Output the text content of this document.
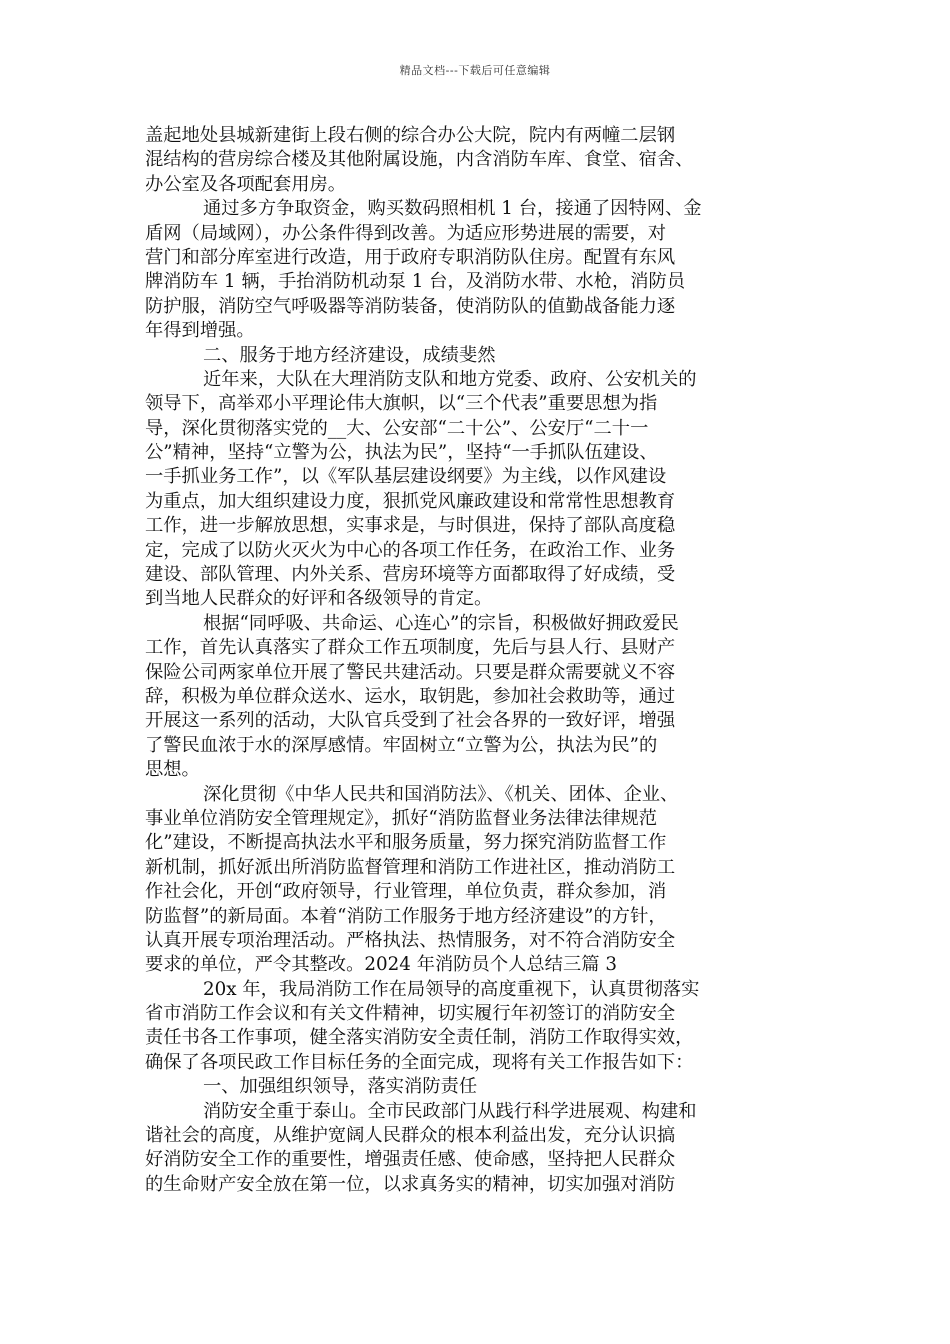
精品文档---下载后可任意编辑
盖起地处县城新建街上段右侧的综合办公大院，院内有两幢二层钢
混结构的营房综合楼及其他附属设施，内含消防车库、食堂、宿舍、
办公室及各项配套用房。
通过多方争取资金，购买数码照相机 1 台，接通了因特网、金
盾网（局域网），办公条件得到改善。为适应形势进展的需要，对
营门和部分库室进行改造，用于政府专职消防队住房。配置有东风
牌消防车 1 辆，手抬消防机动泵 1 台，及消防水带、水枪，消防员
防护服，消防空气呼吸器等消防装备，使消防队的值勤战备能力逐
年得到增强。
二、服务于地方经济建设，成绩斐然
近年来，大队在大理消防支队和地方党委、政府、公安机关的
领导下，高举邓小平理论伟大旗帜，以“三个代表”重要思想为指
导，深化贯彻落实党的__大、公安部“二十公”、公安厅“二十一
公”精神，坚持“立警为公，执法为民”，坚持“一手抓队伍建设、
一手抓业务工作”，以《军队基层建设纲要》为主线，以作风建设
为重点，加大组织建设力度，狠抓党风廉政建设和常常性思想教育
工作，进一步解放思想，实事求是，与时俱进，保持了部队高度稳
定，完成了以防火灭火为中心的各项工作任务，在政治工作、业务
建设、部队管理、内外关系、营房环境等方面都取得了好成绩，受
到当地人民群众的好评和各级领导的肯定。
根据“同呼吸、共命运、心连心”的宗旨，积极做好拥政爱民
工作，首先认真落实了群众工作五项制度，先后与县人行、县财产
保险公司两家单位开展了警民共建活动。只要是群众需要就义不容
辞，积极为单位群众送水、运水，取钥匙，参加社会救助等，通过
开展这一系列的活动，大队官兵受到了社会各界的一致好评，增强
了警民血浓于水的深厚感情。牢固树立“立警为公，执法为民”的
思想。
深化贯彻《中华人民共和国消防法》、《机关、团体、企业、
事业单位消防安全管理规定》，抓好“消防监督业务法律法律规范
化”建设，不断提高执法水平和服务质量，努力探究消防监督工作
新机制，抓好派出所消防监督管理和消防工作进社区，推动消防工
作社会化，开创“政府领导，行业管理，单位负责，群众参加，消
防监督”的新局面。本着“消防工作服务于地方经济建设”的方针，
认真开展专项治理活动。严格执法、热情服务，对不符合消防安全
要求的单位，严令其整改。2024 年消防员个人总结三篇 3
20x 年，我局消防工作在局领导的高度重视下，认真贯彻落实
省市消防工作会议和有关文件精神，切实履行年初签订的消防安全
责任书各工作事项，健全落实消防安全责任制，消防工作取得实效，
确保了各项民政工作目标任务的全面完成，现将有关工作报告如下：
一、加强组织领导，落实消防责任
消防安全重于泰山。全市民政部门从践行科学进展观、构建和
谐社会的高度，从维护宽阔人民群众的根本利益出发，充分认识搞
好消防安全工作的重要性，增强责任感、使命感，坚持把人民群众
的生命财产安全放在第一位，以求真务实的精神，切实加强对消防
